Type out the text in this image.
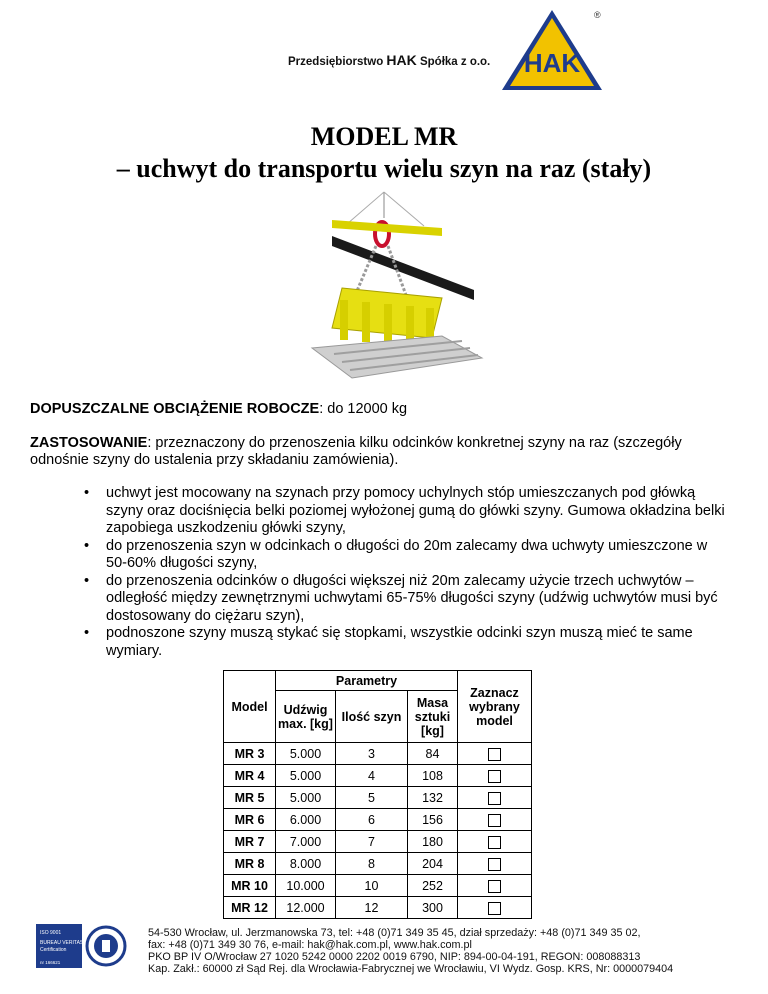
Przedsiębiorstwo HAK Spółka z o.o. HAK
®
MODEL MR
– uchwyt do transportu wielu szyn na raz (stały)
DOPUSZCZALNE OBCIĄŻENIE ROBOCZE: do 12000 kg
ZASTOSOWANIE: przeznaczony do przenoszenia kilku odcinków konkretnej szyny na raz (szczegóły odnośnie szyny do ustalenia przy składaniu zamówienia).
• uchwyt jest mocowany na szynach przy pomocy uchylnych stóp umieszczanych pod główką szyny oraz dociśnięcia belki poziomej wyłożonej gumą do główki szyny. Gumowa okładzina belki zapobiega uszkodzeniu główki szyny,
• do przenoszenia szyn w odcinkach o długości do 20m zalecamy dwa uchwyty umieszczone w 50-60% długości szyny,
• do przenoszenia odcinków o długości większej niż 20m zalecamy użycie trzech uchwytów – odległość między zewnętrznymi uchwytami 65-75% długości szyny (udźwig uchwytów musi być dostosowany do ciężaru szyn),
• podnoszone szyny muszą stykać się stopkami, wszystkie odcinki szyn muszą mieć te same wymiary.
Model	Parametry			Zaznacz wybrany model
	Udźwig max. [kg]	Ilość szyn	Masa sztuki [kg]	
MR 3	5.000	3	84	
MR 4	5.000	4	108	
MR 5	5.000	5	132	
MR 6	6.000	6	156	
MR 7	7.000	7	180	
MR 8	8.000	8	204	
MR 10	10.000	10	252	
MR 12	12.000	12	300	
ISO 9001
BUREAU VERITAS
Certification
nr 166621
54-530 Wrocław, ul. Jerzmanowska 73, tel: +48 (0)71 349 35 45, dział sprzedaży: +48 (0)71 349 35 02,
fax: +48 (0)71 349 30 76, e-mail: hak@hak.com.pl, www.hak.com.pl
PKO BP IV O/Wrocław 27 1020 5242 0000 2202 0019 6790, NIP: 894-00-04-191, REGON: 008088313
Kap. Zakł.: 60000 zł Sąd Rej. dla Wrocławia-Fabrycznej we Wrocławiu, VI Wydz. Gosp. KRS, Nr: 0000079404
